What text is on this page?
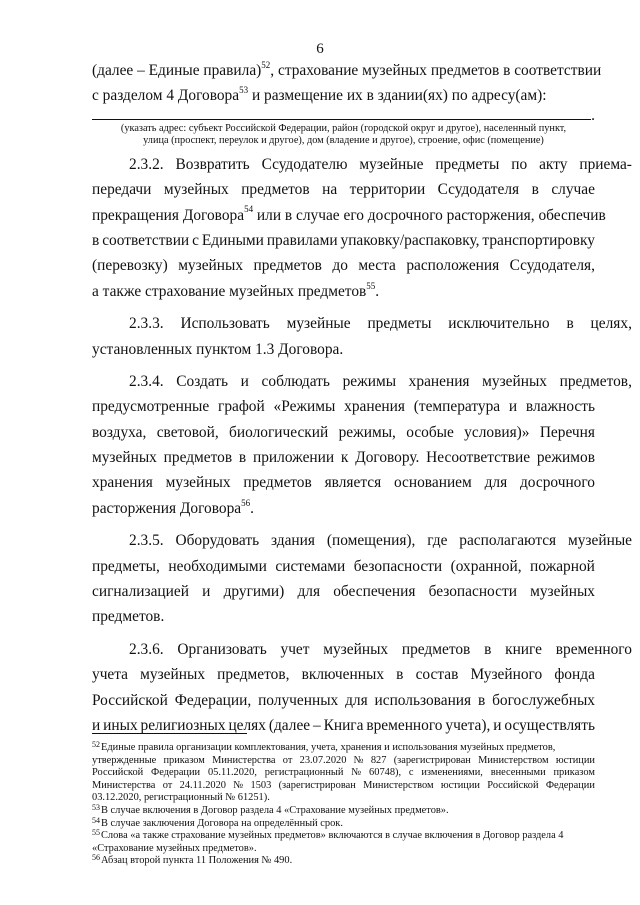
6
(далее – Единые правила)$^{52}$, страхование музейных предметов в соответствии
с разделом 4 Договора$^{53}$ и размещение их в здании(ях) по адресу(ам):
.
(указать адрес: субъект Российской Федерации, район (городской округ и другое), населенный пункт,
улица (проспект, переулок и другое), дом (владение и другое), строение, офис (помещение)
2.3.2. Возвратить Ссудодателю музейные предметы по акту приема-
передачи музейных предметов на территории Ссудодателя в случае
прекращения Договора$^{54}$ или в случае его досрочного расторжения, обеспечив
в соответствии с Едиными правилами упаковку/распаковку, транспортировку
(перевозку) музейных предметов до места расположения Ссудодателя,
а также страхование музейных предметов$^{55}$.
2.3.3. Использовать музейные предметы исключительно в целях,
установленных пунктом 1.3 Договора.
2.3.4. Создать и соблюдать режимы хранения музейных предметов,
предусмотренные графой «Режимы хранения (температура и влажность
воздуха, световой, биологический режимы, особые условия)» Перечня
музейных предметов в приложении к Договору. Несоответствие режимов
хранения музейных предметов является основанием для досрочного
расторжения Договора$^{56}$.
2.3.5. Оборудовать здания (помещения), где располагаются музейные
предметы, необходимыми системами безопасности (охранной, пожарной
сигнализацией и другими) для обеспечения безопасности музейных
предметов.
2.3.6. Организовать учет музейных предметов в книге временного
учета музейных предметов, включенных в состав Музейного фонда
Российской Федерации, полученных для использования в богослужебных
и иных религиозных целях (далее – Книга временного учета), и осуществлять
$^{52}$Единые правила организации комплектования, учета, хранения и использования музейных предметов,
утвержденные приказом Министерства от 23.07.2020 № 827 (зарегистрирован Министерством юстиции
Российской Федерации 05.11.2020, регистрационный № 60748), с изменениями, внесенными приказом
Министерства от 24.11.2020 № 1503 (зарегистрирован Министерством юстиции Российской Федерации
03.12.2020, регистрационный № 61251).
53 В случае включения в Договор раздела 4 «Страхование музейных предметов».
54 В случае заключения Договора на определённый срок.
$^{55}$Слова «а также страхование музейных предметов» включаются в случае включения в Договор раздела 4
«Страхование музейных предметов».
56 Абзац второй пункта 11 Положения № 490.
